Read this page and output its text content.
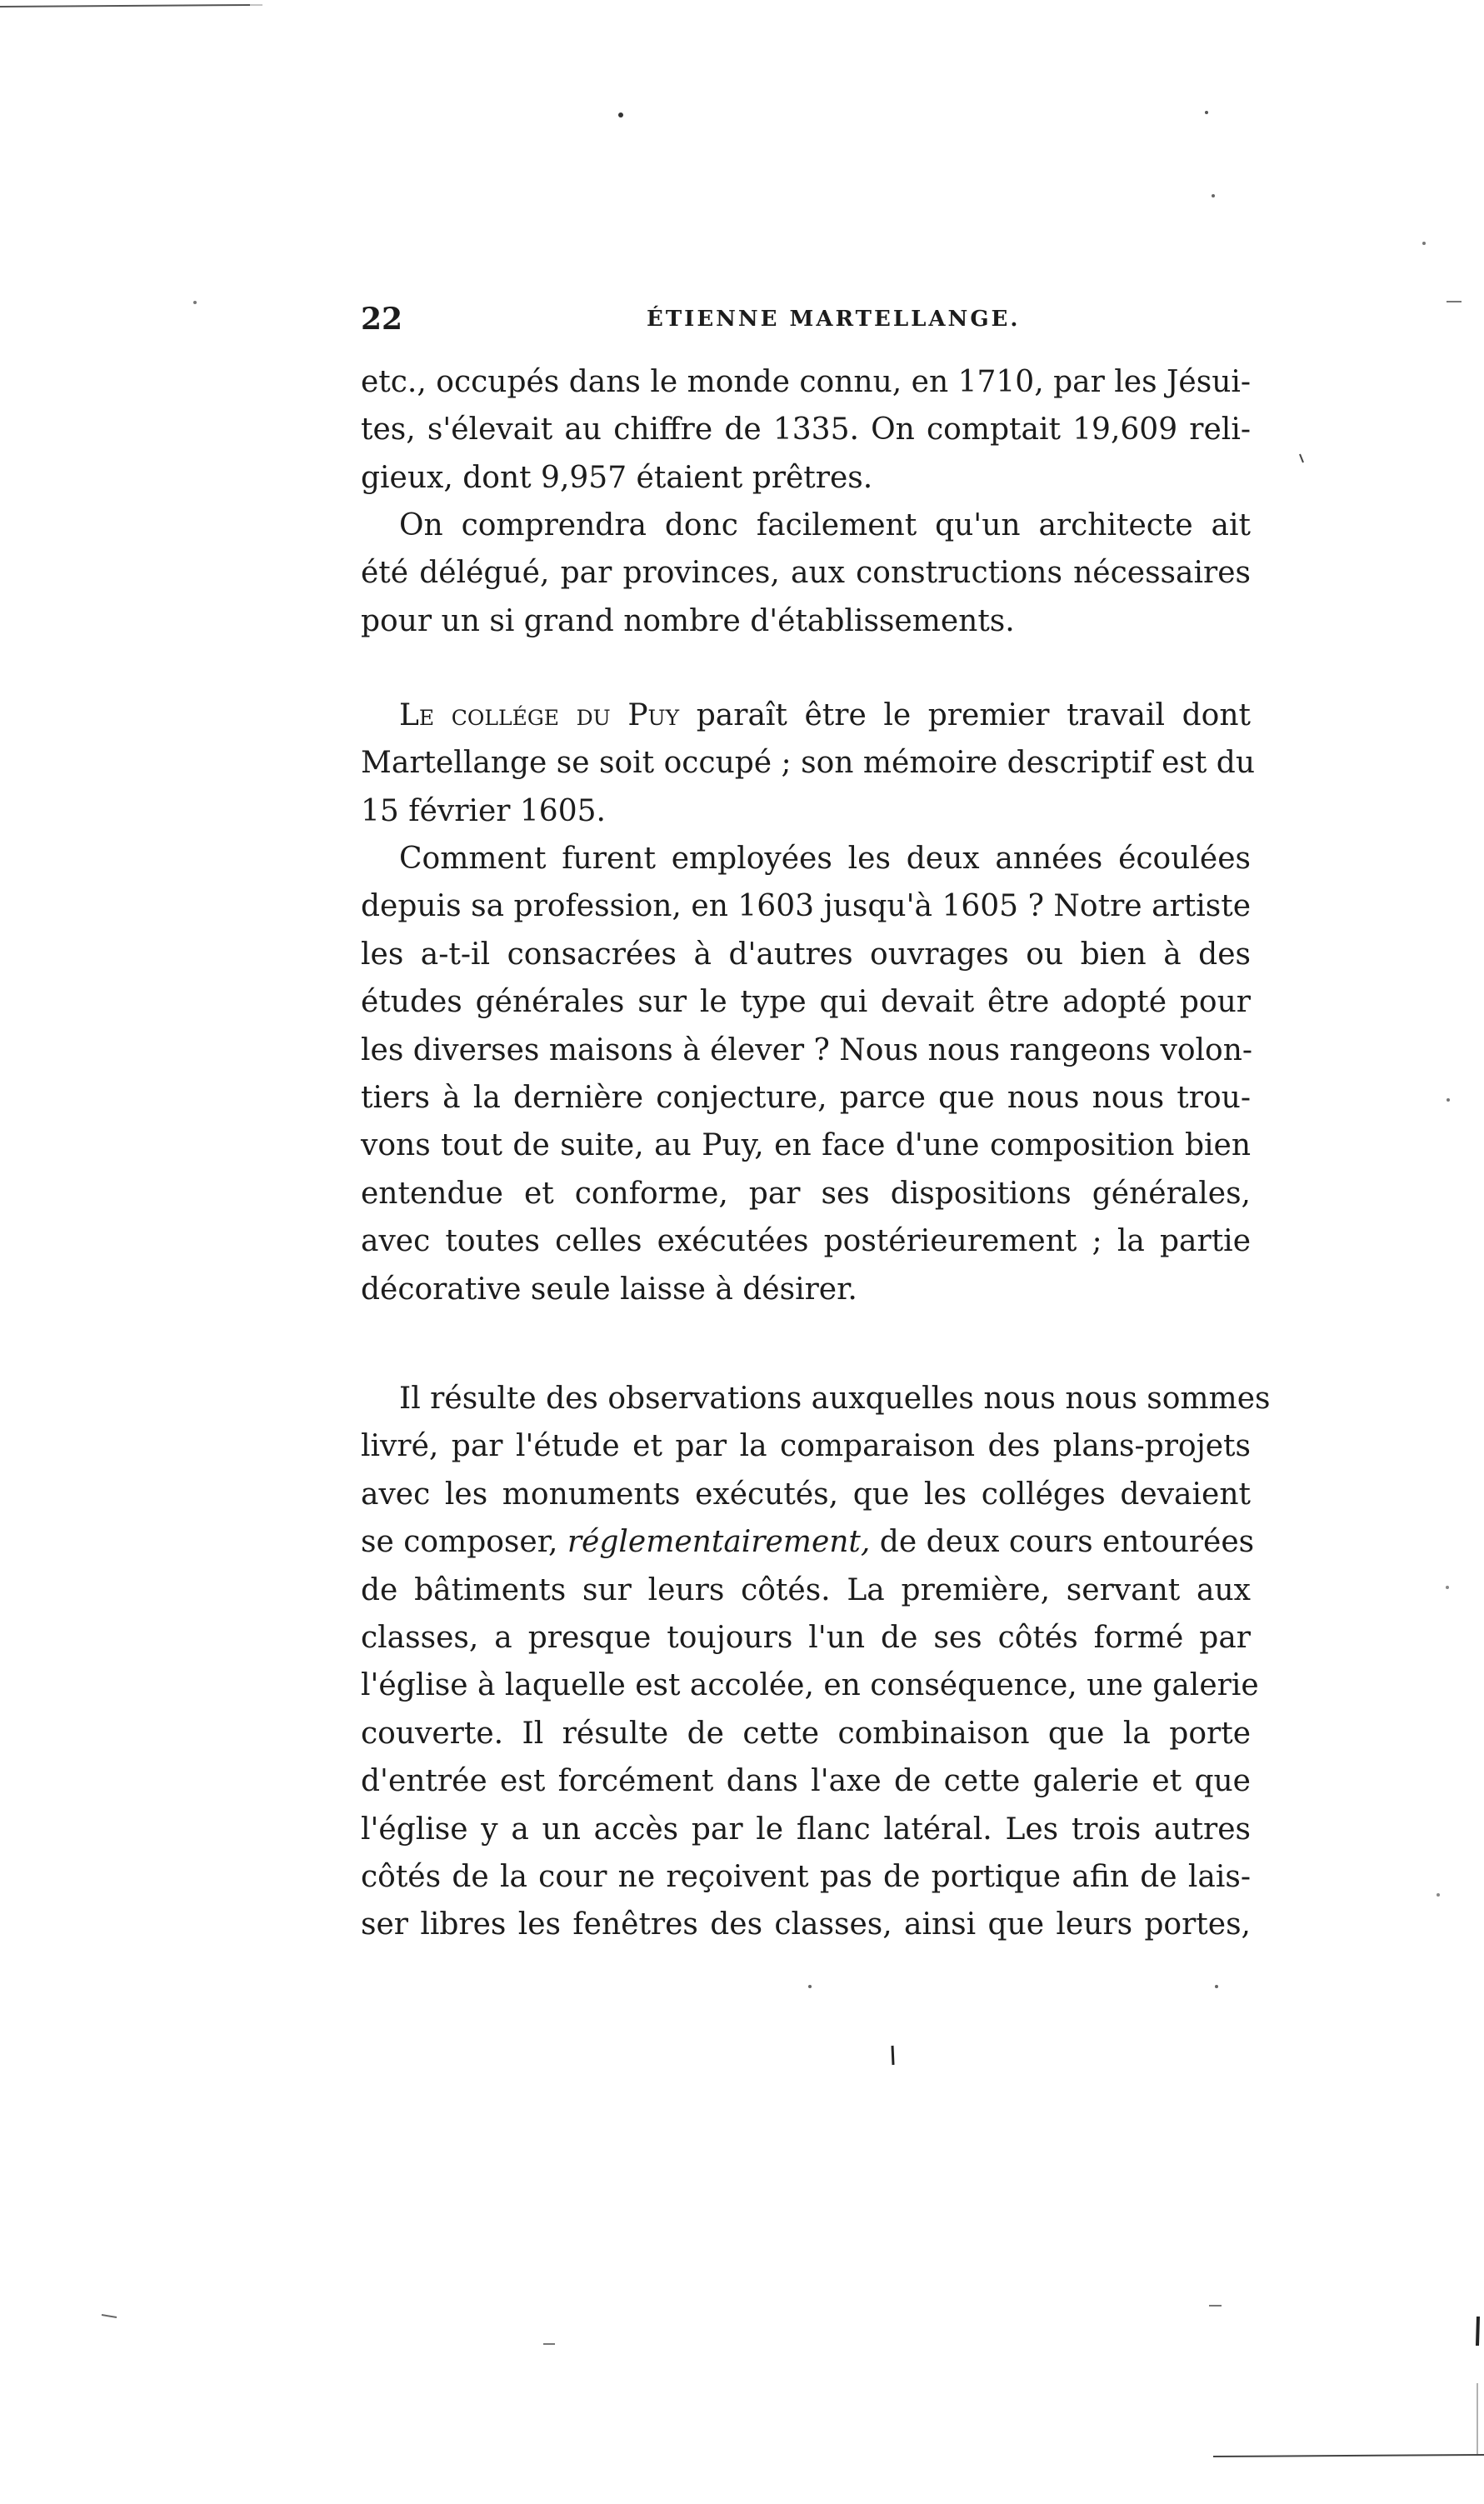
22	ÉTIENNE MARTELLANGE.
etc., occupés dans le monde connu, en 1710, par les Jésui-
tes, s'élevait au chiffre de 1335. On comptait 19,609 reli-
gieux, dont 9,957 étaient prêtres.
On comprendra donc facilement qu'un architecte ait
été délégué, par provinces, aux constructions nécessaires
pour un si grand nombre d'établissements.
Le collége du Puy paraît être le premier travail dont
Martellange se soit occupé ; son mémoire descriptif est du
15 février 1605.
Comment furent employées les deux années écoulées
depuis sa profession, en 1603 jusqu'à 1605 ? Notre artiste
les a-t-il consacrées à d'autres ouvrages ou bien à des
études générales sur le type qui devait être adopté pour
les diverses maisons à élever ? Nous nous rangeons volon-
tiers à la dernière conjecture, parce que nous nous trou-
vons tout de suite, au Puy, en face d'une composition bien
entendue et conforme, par ses dispositions générales,
avec toutes celles exécutées postérieurement ; la partie
décorative seule laisse à désirer.
Il résulte des observations auxquelles nous nous sommes
livré, par l'étude et par la comparaison des plans-projets
avec les monuments exécutés, que les colléges devaient
se composer, réglementairement, de deux cours entourées
de bâtiments sur leurs côtés. La première, servant aux
classes, a presque toujours l'un de ses côtés formé par
l'église à laquelle est accolée, en conséquence, une galerie
couverte. Il résulte de cette combinaison que la porte
d'entrée est forcément dans l'axe de cette galerie et que
l'église y a un accès par le flanc latéral. Les trois autres
côtés de la cour ne reçoivent pas de portique afin de lais-
ser libres les fenêtres des classes, ainsi que leurs portes,
